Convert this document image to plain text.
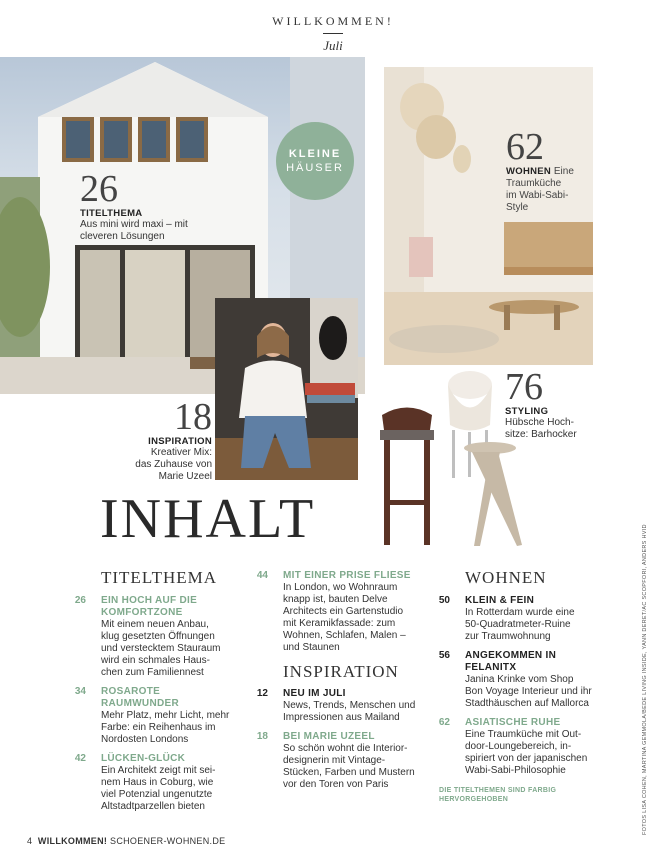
WILLKOMMEN!
Juli
KLEINE
HÄUSER
26
TITELTHEMA
Aus mini wird maxi – mit
cleveren Lösungen
62
WOHNEN Eine
Traumküche
im Wabi-Sabi-
Style
18
INSPIRATION
Kreativer Mix:
das Zuhause von
Marie Uzeel
76
STYLING
Hübsche Hoch-
sitze: Barhocker
INHALT
TITELTHEMA
26 EIN HOCH AUF DIE
KOMFORTZONE
Mit einem neuen Anbau,
klug gesetzten Öffnungen
und verstecktem Stauraum
wird ein schmales Haus-
chen zum Familiennest
34 ROSAROTE
RAUMWUNDER
Mehr Platz, mehr Licht, mehr
Farbe: ein Reihenhaus im
Nordosten Londons
42 LÜCKEN-GLÜCK
Ein Architekt zeigt mit sei-
nem Haus in Coburg, wie
viel Potenzial ungenutzte
Altstadtparzellen bieten
44 MIT EINER PRISE FLIESE
In London, wo Wohnraum
knapp ist, bauten Delve
Architects ein Gartenstudio
mit Keramikfassade: zum
Wohnen, Schlafen, Malen –
und Staunen
INSPIRATION
12 NEU IM JULI
News, Trends, Menschen und
Impressionen aus Mailand
18 BEI MARIE UZEEL
So schön wohnt die Interior-
designerin mit Vintage-
Stücken, Farben und Mustern
vor den Toren von Paris
WOHNEN
50 KLEIN & FEIN
In Rotterdam wurde eine
50-Quadratmeter-Ruine
zur Traumwohnung
56 ANGEKOMMEN IN
FELANITX
Janina Krinke vom Shop
Bon Voyage Interieur und ihr
Stadthäuschen auf Mallorca
62 ASIATISCHE RUHE
Eine Traumküche mit Out-
door-Loungebereich, in-
spiriert von der japanischen
Wabi-Sabi-Philosophie
DIE TITELTHEMEN SIND FARBIG
HERVORGEHOBEN	FOTOS LISA COHEN, MARTINA GEMMOLA/BEDE LIVING INSIDE, YANN DERET/AC SCOPFORI, ANDERS HVID
4 WILLKOMMEN! SCHOENER-WOHNEN.DE
